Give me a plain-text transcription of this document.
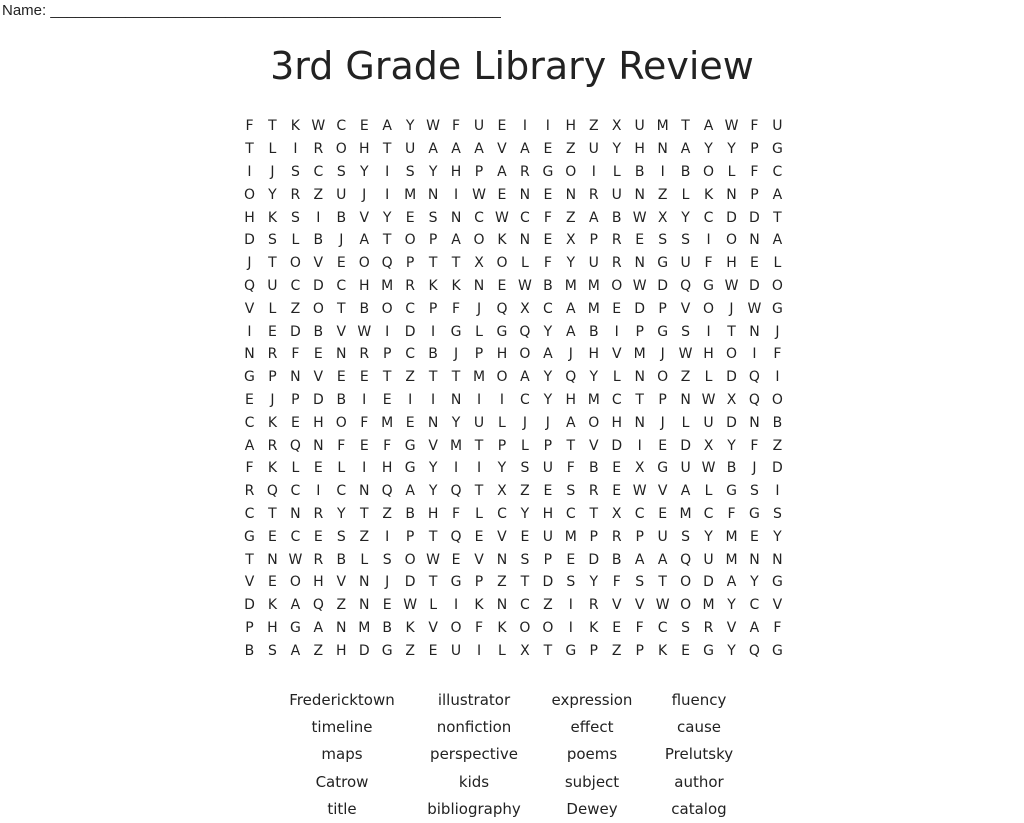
Name: ______________________________________________________
3rd Grade Library Review
F	T	K W C E A Y W F U E	I	I	H Z X U M T A W F U
T	L	I	R O H T U A A A V A E Z U Y H N A Y	Y	P G
I	J	S C S	Y	I	S	Y H P A R G O	I	L	B	I	B O L	F	C
O Y R Z U	J	I	M N	I W E N E N R U N Z	L	K N P A
H K S	I	B V Y	E	S N C W C	F	Z A B W X Y C D D T
D S	L	B	J	A T O P A O K N E X P R E	S	S	I	O N A
J	T O V E O Q P	T	T X O L	F	Y U R N G U F H E	L
Q U C D C H M R K K N E W B M M O W D Q G W D O
V	L	Z O T B O C P	F	J	Q X C A M E D P V O	J W G
I	E D B V W I	D	I	G L G Q Y A B	I	P G S	I	T N	J
N R	F	E N R P C B	J	P H O A	J	H V M	J W H O	I	F
G P N V E	E	T Z T	T M O A Y Q Y	L N O Z	L D Q	I
E	J	P D B	I	E	I	I	N	I	I	C Y H M C T	P N W X Q O
C K E H O F M E N Y U L	J	J	A O H N	J	L U D N B
A R Q N F	E	F G V M T	P	L	P	T V D	I	E D X Y	F	Z
F	K	L	E	L	I	H G Y	I	I	Y	S U F	B E X G U W B	J	D
R Q C	I	C N Q A Y Q T X Z E	S R E W V A	L G S	I
C T N R Y	T Z B H F	L	C Y H C T X C E M C	F G S
G E C E	S Z	I	P	T Q E V E U M P R P U S	Y M E	Y
T N W R B	L	S O W E V N S	P	E D B A A Q U M N N
V E O H V N	J	D T G P Z T D S	Y	F	S	T O D A Y G
D K A Q Z N E W L	I	K N C Z	I	R V V W O M Y C V
P H G A N M B K V O F	K O O	I	K E	F	C S R V A	F
B S A Z H D G Z E U	I	L	X T G P Z P	K E G Y Q G
Fredericktown	illustrator	expression	fluency
timeline	nonfiction	effect	cause
maps	perspective	poems	Prelutsky
Catrow	kids	subject	author
title	bibliography	Dewey	catalog
